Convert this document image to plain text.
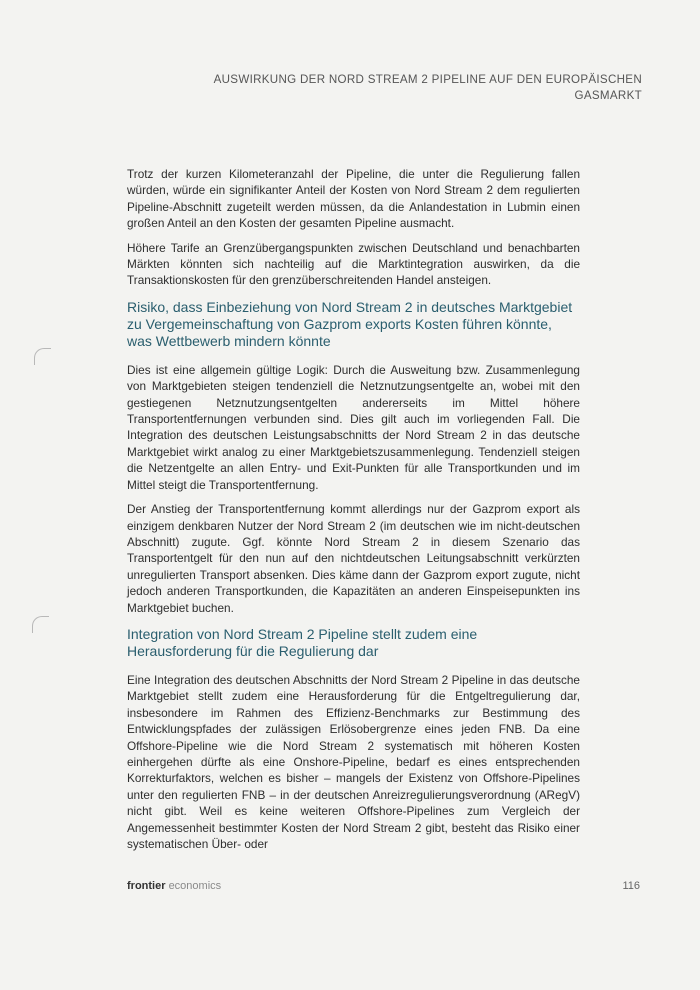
AUSWIRKUNG DER NORD STREAM 2 PIPELINE AUF DEN EUROPÄISCHEN
GASMARKT

Trotz der kurzen Kilometeranzahl der Pipeline, die unter die Regulierung fallen würden, würde ein signifikanter Anteil der Kosten von Nord Stream 2 dem regulierten Pipeline-Abschnitt zugeteilt werden müssen, da die Anlandestation in Lubmin einen großen Anteil an den Kosten der gesamten Pipeline ausmacht.

Höhere Tarife an Grenzübergangspunkten zwischen Deutschland und benachbarten Märkten könnten sich nachteilig auf die Marktintegration auswirken, da die Transaktionskosten für den grenzüberschreitenden Handel ansteigen.

Risiko, dass Einbeziehung von Nord Stream 2 in deutsches Marktgebiet zu Vergemeinschaftung von Gazprom exports Kosten führen könnte, was Wettbewerb mindern könnte

Dies ist eine allgemein gültige Logik: Durch die Ausweitung bzw. Zusammenlegung von Marktgebieten steigen tendenziell die Netznutzungsentgelte an, wobei mit den gestiegenen Netznutzungsentgelten andererseits im Mittel höhere Transportentfernungen verbunden sind. Dies gilt auch im vorliegenden Fall. Die Integration des deutschen Leistungsabschnitts der Nord Stream 2 in das deutsche Marktgebiet wirkt analog zu einer Marktgebietszusammenlegung. Tendenziell steigen die Netzentgelte an allen Entry- und Exit-Punkten für alle Transportkunden und im Mittel steigt die Transportentfernung.

Der Anstieg der Transportentfernung kommt allerdings nur der Gazprom export als einzigem denkbaren Nutzer der Nord Stream 2 (im deutschen wie im nicht-deutschen Abschnitt) zugute. Ggf. könnte Nord Stream 2 in diesem Szenario das Transportentgelt für den nun auf den nichtdeutschen Leitungsabschnitt verkürzten unregulierten Transport absenken. Dies käme dann der Gazprom export zugute, nicht jedoch anderen Transportkunden, die Kapazitäten an anderen Einspeisepunkten ins Marktgebiet buchen.

Integration von Nord Stream 2 Pipeline stellt zudem eine Herausforderung für die Regulierung dar

Eine Integration des deutschen Abschnitts der Nord Stream 2 Pipeline in das deutsche Marktgebiet stellt zudem eine Herausforderung für die Entgeltregulierung dar, insbesondere im Rahmen des Effizienz-Benchmarks zur Bestimmung des Entwicklungspfades der zulässigen Erlösobergrenze eines jeden FNB. Da eine Offshore-Pipeline wie die Nord Stream 2 systematisch mit höheren Kosten einhergehen dürfte als eine Onshore-Pipeline, bedarf es eines entsprechenden Korrekturfaktors, welchen es bisher – mangels der Existenz von Offshore-Pipelines unter den regulierten FNB – in der deutschen Anreizregulierungsverordnung (ARegV) nicht gibt. Weil es keine weiteren Offshore-Pipelines zum Vergleich der Angemessenheit bestimmter Kosten der Nord Stream 2 gibt, besteht das Risiko einer systematischen Über- oder

frontier economics	116
